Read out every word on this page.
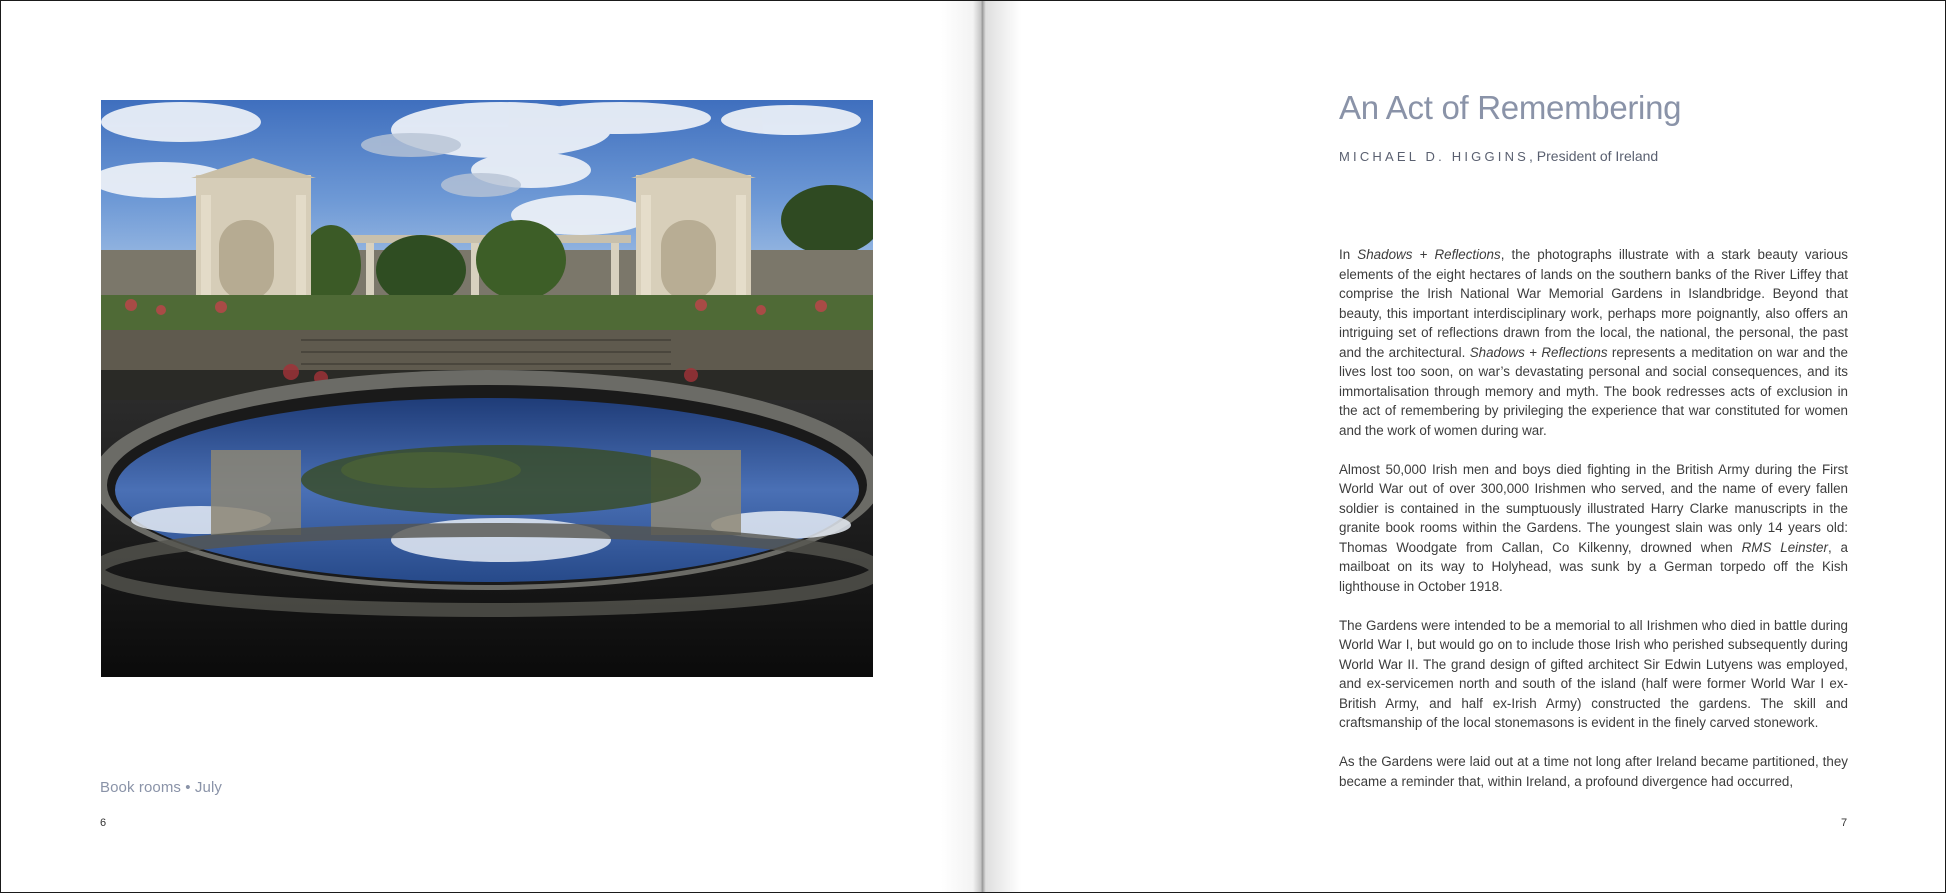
Book rooms • July
6
An Act of Remembering
MICHAEL D. HIGGINS, President of Ireland

In Shadows + Reflections, the photographs illustrate with a stark beauty various elements of the eight hectares of lands on the southern banks of the River Liffey that comprise the Irish National War Memorial Gardens in Islandbridge. Beyond that beauty, this important interdisciplinary work, perhaps more poignantly, also offers an intriguing set of reflections drawn from the local, the national, the personal, the past and the architectural. Shadows + Reflections represents a meditation on war and the lives lost too soon, on war’s devastating personal and social consequences, and its immortalisation through memory and myth. The book redresses acts of exclusion in the act of remembering by privileging the experience that war constituted for women and the work of women during war.

Almost 50,000 Irish men and boys died fighting in the British Army during the First World War out of over 300,000 Irishmen who served, and the name of every fallen soldier is contained in the sumptuously illustrated Harry Clarke manuscripts in the granite book rooms within the Gardens. The youngest slain was only 14 years old: Thomas Woodgate from Callan, Co Kilkenny, drowned when RMS Leinster, a mailboat on its way to Holyhead, was sunk by a German torpedo off the Kish lighthouse in October 1918.

The Gardens were intended to be a memorial to all Irishmen who died in battle during World War I, but would go on to include those Irish who perished subsequently during World War II. The grand design of gifted architect Sir Edwin Lutyens was employed, and ex-servicemen north and south of the island (half were former World War I ex-British Army, and half ex-Irish Army) constructed the gardens. The skill and craftsmanship of the local stonemasons is evident in the finely carved stonework.

As the Gardens were laid out at a time not long after Ireland became partitioned, they became a reminder that, within Ireland, a profound divergence had occurred,

7
